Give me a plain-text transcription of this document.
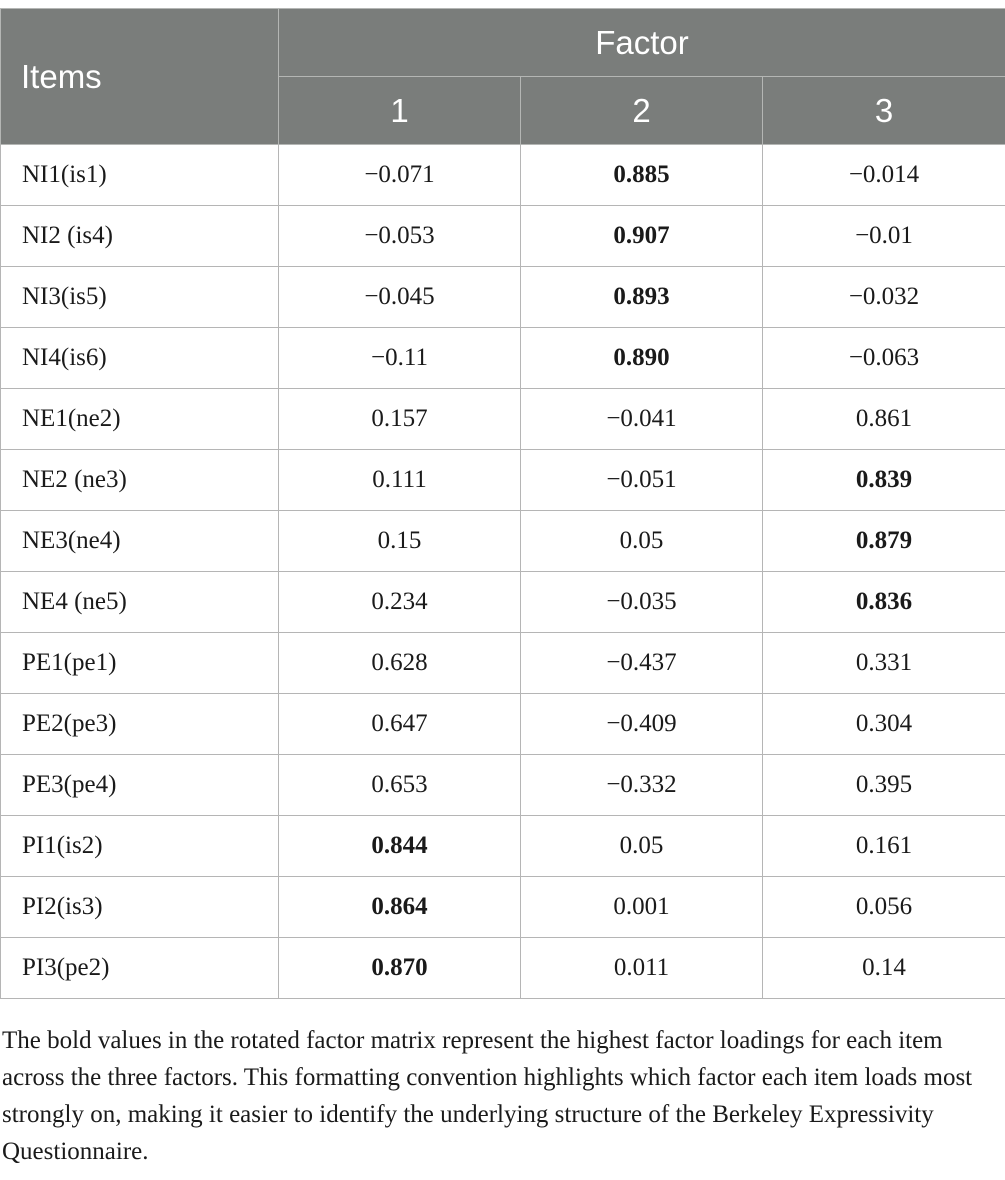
Items	Factor		
	1	2	3
NI1(is1)	−0.071	0.885	−0.014
NI2 (is4)	−0.053	0.907	−0.01
NI3(is5)	−0.045	0.893	−0.032
NI4(is6)	−0.11	0.890	−0.063
NE1(ne2)	0.157	−0.041	0.861
NE2 (ne3)	0.111	−0.051	0.839
NE3(ne4)	0.15	0.05	0.879
NE4 (ne5)	0.234	−0.035	0.836
PE1(pe1)	0.628	−0.437	0.331
PE2(pe3)	0.647	−0.409	0.304
PE3(pe4)	0.653	−0.332	0.395
PI1(is2)	0.844	0.05	0.161
PI2(is3)	0.864	0.001	0.056
PI3(pe2)	0.870	0.011	0.14

The bold values in the rotated factor matrix represent the highest factor loadings for each item across the three factors. This formatting convention highlights which factor each item loads most strongly on, making it easier to identify the underlying structure of the Berkeley Expressivity Questionnaire.
